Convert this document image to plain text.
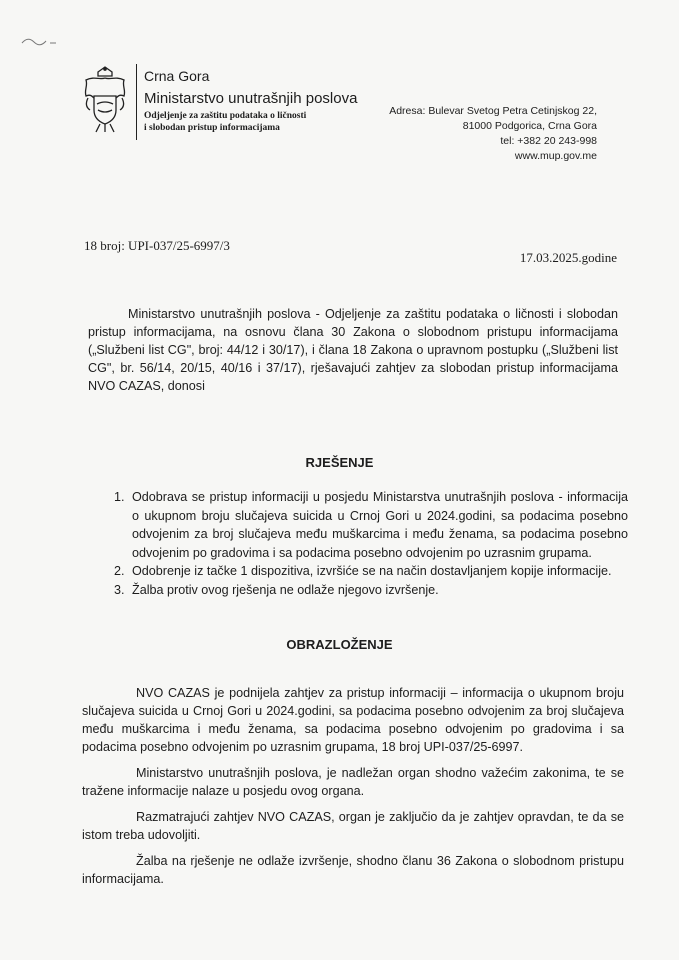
Crna Gora
Ministarstvo unutrašnjih poslova
Odjeljenje za zaštitu podataka o ličnosti
i slobodan pristup informacijama
Adresa: Bulevar Svetog Petra Cetinjskog 22,
81000 Podgorica, Crna Gora
tel: +382 20 243-998
www.mup.gov.me
18 broj: UPI-037/25-6997/3
17.03.2025.godine
Ministarstvo unutrašnjih poslova - Odjeljenje za zaštitu podataka o ličnosti i slobodan pristup informacijama, na osnovu člana 30 Zakona o slobodnom pristupu informacijama („Službeni list CG", broj: 44/12 i 30/17), i člana 18 Zakona o upravnom postupku („Službeni list CG", br. 56/14, 20/15, 40/16 i 37/17), rješavajući zahtjev za slobodan pristup informacijama NVO CAZAS, donosi
RJEŠENJE
1. Odobrava se pristup informaciji u posjedu Ministarstva unutrašnjih poslova - informacija o ukupnom broju slučajeva suicida u Crnoj Gori u 2024.godini, sa podacima posebno odvojenim za broj slučajeva među muškarcima i među ženama, sa podacima posebno odvojenim po gradovima i sa podacima posebno odvojenim po uzrasnim grupama.
2. Odobrenje iz tačke 1 dispozitiva, izvršiće se na način dostavljanjem kopije informacije.
3. Žalba protiv ovog rješenja ne odlaže njegovo izvršenje.
OBRAZLOŽENJE

NVO CAZAS je podnijela zahtjev za pristup informaciji – informacija o ukupnom broju slučajeva suicida u Crnoj Gori u 2024.godini, sa podacima posebno odvojenim za broj slučajeva među muškarcima i među ženama, sa podacima posebno odvojenim po gradovima i sa podacima posebno odvojenim po uzrasnim grupama, 18 broj UPI-037/25-6997.

Ministarstvo unutrašnjih poslova, je nadležan organ shodno važećim zakonima, te se tražene informacije nalaze u posjedu ovog organa.

Razmatrajući zahtjev NVO CAZAS, organ je zaključio da je zahtjev opravdan, te da se istom treba udovoljiti.

Žalba na rješenje ne odlaže izvršenje, shodno članu 36 Zakona o slobodnom pristupu informacijama.
